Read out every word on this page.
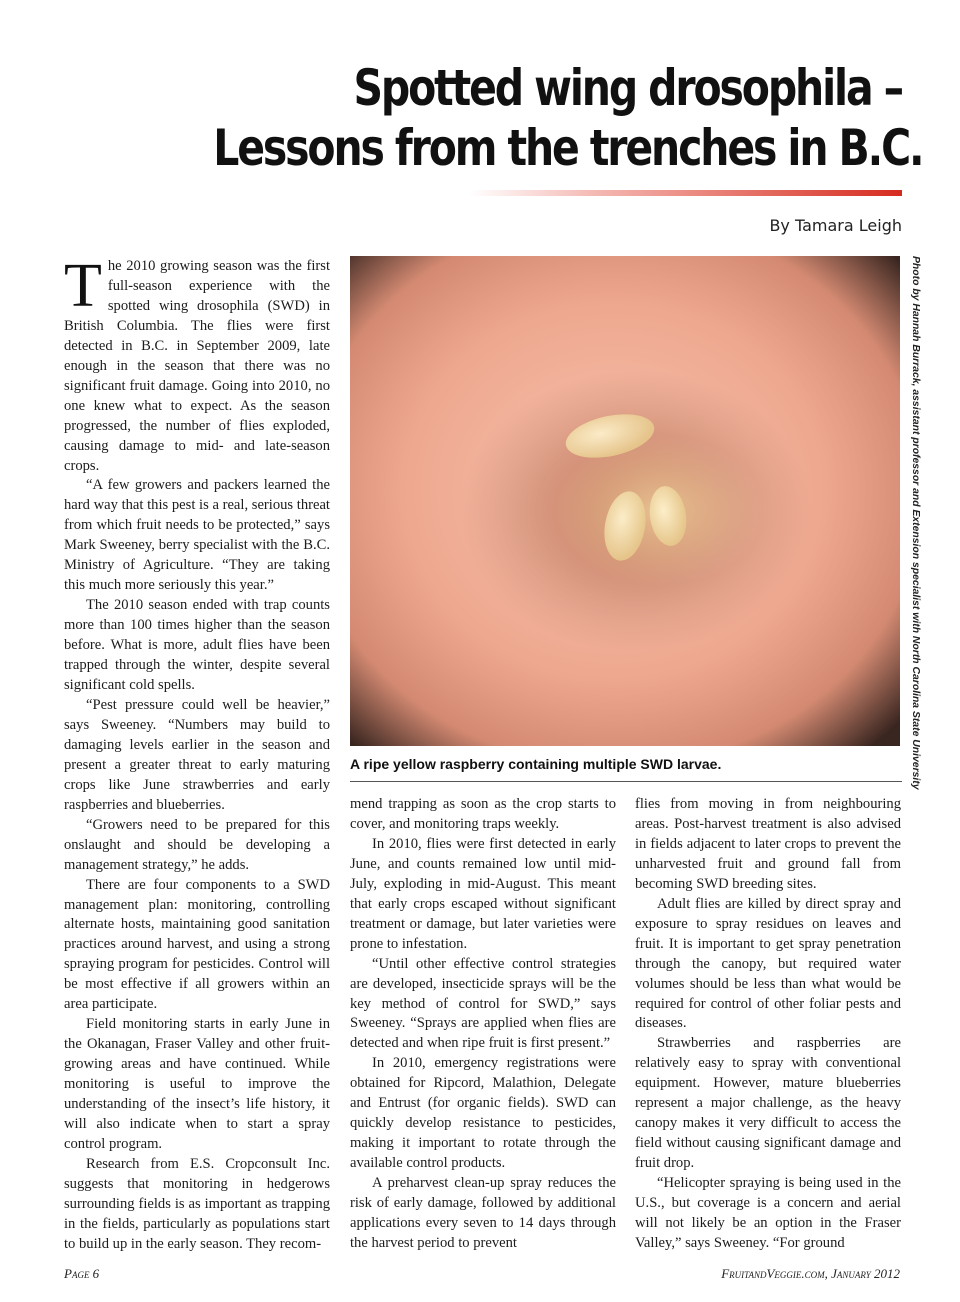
Spotted wing drosophila –
Lessons from the trenches in B.C.
By Tamara Leigh
Photo by Hannah Burrack, assistant professor and Extension specialist with North Carolina State University
A ripe yellow raspberry containing multiple SWD larvae.

The 2010 growing season was the first full-season experience with the spotted wing drosophila (SWD) in British Columbia. The flies were first detected in B.C. in September 2009, late enough in the season that there was no significant fruit damage. Going into 2010, no one knew what to expect. As the season progressed, the number of flies exploded, causing damage to mid- and late-season crops.

“A few growers and packers learned the hard way that this pest is a real, serious threat from which fruit needs to be protected,” says Mark Sweeney, berry specialist with the B.C. Ministry of Agriculture. “They are taking this much more seriously this year.”

The 2010 season ended with trap counts more than 100 times higher than the season before. What is more, adult flies have been trapped through the winter, despite several significant cold spells.

“Pest pressure could well be heavier,” says Sweeney. “Numbers may build to damaging levels earlier in the season and present a greater threat to early maturing crops like June strawberries and early raspberries and blueberries.

“Growers need to be prepared for this onslaught and should be developing a management strategy,” he adds.

There are four components to a SWD management plan: monitoring, controlling alternate hosts, maintaining good sanitation practices around harvest, and using a strong spraying program for pesticides. Control will be most effective if all growers within an area participate.

Field monitoring starts in early June in the Okanagan, Fraser Valley and other fruit-growing areas and have continued. While monitoring is useful to improve the understanding of the insect’s life history, it will also indicate when to start a spray control program.

Research from E.S. Cropconsult Inc. suggests that monitoring in hedgerows surrounding fields is as important as trapping in the fields, particularly as populations start to build up in the early season. They recom-

mend trapping as soon as the crop starts to cover, and monitoring traps weekly.

In 2010, flies were first detected in early June, and counts remained low until mid-July, exploding in mid-August. This meant that early crops escaped without significant treatment or damage, but later varieties were prone to infestation.

“Until other effective control strategies are developed, insecticide sprays will be the key method of control for SWD,” says Sweeney. “Sprays are applied when flies are detected and when ripe fruit is first present.”

In 2010, emergency registrations were obtained for Ripcord, Malathion, Delegate and Entrust (for organic fields). SWD can quickly develop resistance to pesticides, making it important to rotate through the available control products.

A preharvest clean-up spray reduces the risk of early damage, followed by additional applications every seven to 14 days through the harvest period to prevent

flies from moving in from neighbouring areas. Post-harvest treatment is also advised in fields adjacent to later crops to prevent the unharvested fruit and ground fall from becoming SWD breeding sites.

Adult flies are killed by direct spray and exposure to spray residues on leaves and fruit. It is important to get spray penetration through the canopy, but required water volumes should be less than what would be required for control of other foliar pests and diseases.

Strawberries and raspberries are relatively easy to spray with conventional equipment. However, mature blueberries represent a major challenge, as the heavy canopy makes it very difficult to access the field without causing significant damage and fruit drop.

“Helicopter spraying is being used in the U.S., but coverage is a concern and aerial will not likely be an option in the Fraser Valley,” says Sweeney. “For ground

Page 6	FruitandVeggie.com, January 2012
